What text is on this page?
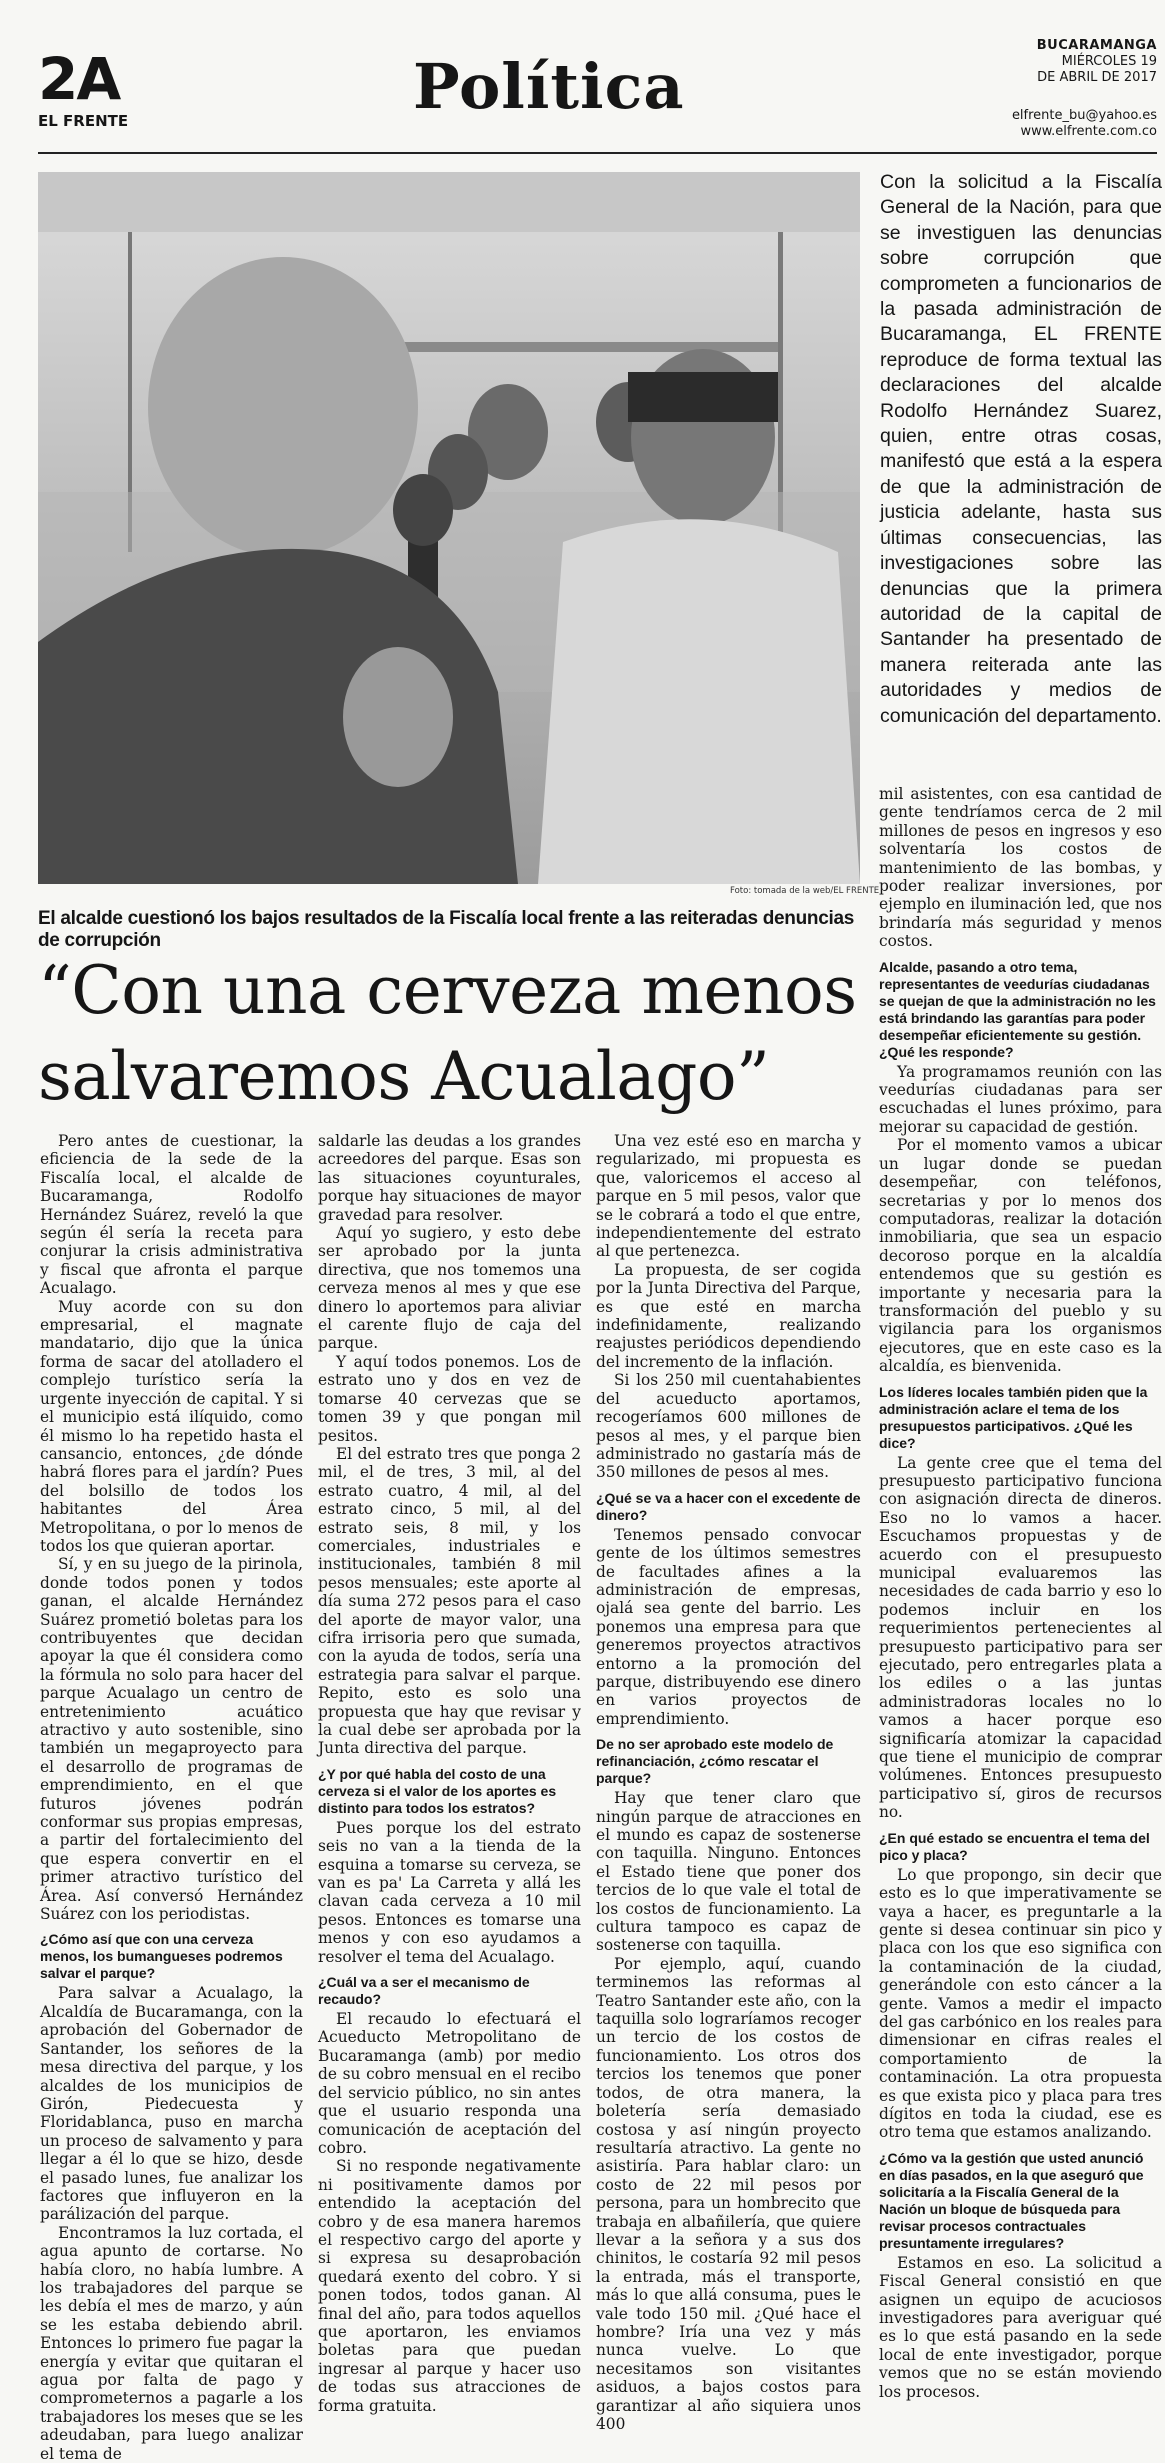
2A
EL FRENTE	Política
BUCARAMANGA
MIÉRCOLES 19
DE ABRIL DE 2017
elfrente_bu@yahoo.es
www.elfrente.com.co
Foto: tomada de la web/EL FRENTE
El alcalde cuestionó los bajos resultados de la Fiscalía local frente a las reiteradas denuncias de corrupción
“Con una cerveza menos salvaremos Acualago”
Con la solicitud a la Fiscalía General de la Nación, para que se investiguen las denuncias sobre corrupción que comprometen a funcionarios de la pasada administración de Bucaramanga, EL FRENTE reproduce de forma textual las declaraciones del alcalde Rodolfo Hernández Suarez, quien, entre otras cosas, manifestó que está a la espera de que la administración de justicia adelante, hasta sus últimas consecuencias, las investigaciones sobre las denuncias que la primera autoridad de la capital de Santander ha presentado de manera reiterada ante las autoridades y medios de comunicación del departamento.

Pero antes de cuestionar, la eficiencia de la sede de la Fiscalía local, el alcalde de Bucaramanga, Rodolfo Hernández Suárez, reveló la que según él sería la receta para conjurar la crisis administrativa y fiscal que afronta el parque Acualago.

Muy acorde con su don empresarial, el magnate mandatario, dijo que la única forma de sacar del atolladero el complejo turístico sería la urgente inyección de capital. Y si el municipio está ilíquido, como él mismo lo ha repetido hasta el cansancio, entonces, ¿de dónde habrá flores para el jardín? Pues del bolsillo de todos los habitantes del Área Metropolitana, o por lo menos de todos los que quieran aportar.

Sí, y en su juego de la pirinola, donde todos ponen y todos ganan, el alcalde Hernández Suárez prometió boletas para los contribuyentes que decidan apoyar la que él considera como la fórmula no solo para hacer del parque Acualago un centro de entretenimiento acuático atractivo y auto sostenible, sino también un megaproyecto para el desarrollo de programas de emprendimiento, en el que futuros jóvenes podrán conformar sus propias empresas, a partir del fortalecimiento del que espera convertir en el primer atractivo turístico del Área. Así conversó Hernández Suárez con los periodistas.

¿Cómo así que con una cerveza menos, los bumangueses podremos salvar el parque?

Para salvar a Acualago, la Alcaldía de Bucaramanga, con la aprobación del Gobernador de Santander, los señores de la mesa directiva del parque, y los alcaldes de los municipios de Girón, Piedecuesta y Floridablanca, puso en marcha un proceso de salvamento y para llegar a él lo que se hizo, desde el pasado lunes, fue analizar los factores que influyeron en la parálización del parque.

Encontramos la luz cortada, el agua apunto de cortarse. No había cloro, no había lumbre. A los trabajadores del parque se les debía el mes de marzo, y aún se les estaba debiendo abril. Entonces lo primero fue pagar la energía y evitar que quitaran el agua por falta de pago y comprometernos a pagarle a los trabajadores los meses que se les adeudaban, para luego analizar el tema de

saldarle las deudas a los grandes acreedores del parque. Esas son las situaciones coyunturales, porque hay situaciones de mayor gravedad para resolver.

Aquí yo sugiero, y esto debe ser aprobado por la junta directiva, que nos tomemos una cerveza menos al mes y que ese dinero lo aportemos para aliviar el carente flujo de caja del parque.

Y aquí todos ponemos. Los de estrato uno y dos en vez de tomarse 40 cervezas que se tomen 39 y que pongan mil pesitos.

El del estrato tres que ponga 2 mil, el de tres, 3 mil, al del estrato cuatro, 4 mil, al del estrato cinco, 5 mil, al del estrato seis, 8 mil, y los comerciales, industriales e institucionales, también 8 mil pesos mensuales; este aporte al día suma 272 pesos para el caso del aporte de mayor valor, una cifra irrisoria pero que sumada, con la ayuda de todos, sería una estrategia para salvar el parque. Repito, esto es solo una propuesta que hay que revisar y la cual debe ser aprobada por la Junta directiva del parque.

¿Y por qué habla del costo de una cerveza si el valor de los aportes es distinto para todos los estratos?

Pues porque los del estrato seis no van a la tienda de la esquina a tomarse su cerveza, se van es pa' La Carreta y allá les clavan cada cerveza a 10 mil pesos. Entonces es tomarse una menos y con eso ayudamos a resolver el tema del Acualago.

¿Cuál va a ser el mecanismo de recaudo?

El recaudo lo efectuará el Acueducto Metropolitano de Bucaramanga (amb) por medio de su cobro mensual en el recibo del servicio público, no sin antes que el usuario responda una comunicación de aceptación del cobro.

Si no responde negativamente ni positivamente damos por entendido la aceptación del cobro y de esa manera haremos el respectivo cargo del aporte y si expresa su desaprobación quedará exento del cobro. Y si ponen todos, todos ganan. Al final del año, para todos aquellos que aportaron, les enviamos boletas para que puedan ingresar al parque y hacer uso de todas sus atracciones de forma gratuita.

Una vez esté eso en marcha y regularizado, mi propuesta es que, valoricemos el acceso al parque en 5 mil pesos, valor que se le cobrará a todo el que entre, independientemente del estrato al que pertenezca.

La propuesta, de ser cogida por la Junta Directiva del Parque, es que esté en marcha indefinidamente, realizando reajustes periódicos dependiendo del incremento de la inflación.

Si los 250 mil cuentahabientes del acueducto aportamos, recogeríamos 600 millones de pesos al mes, y el parque bien administrado no gastaría más de 350 millones de pesos al mes.

¿Qué se va a hacer con el excedente de dinero?

Tenemos pensado convocar gente de los últimos semestres de facultades afines a la administración de empresas, ojalá sea gente del barrio. Les ponemos una empresa para que generemos proyectos atractivos entorno a la promoción del parque, distribuyendo ese dinero en varios proyectos de emprendimiento.

De no ser aprobado este modelo de refinanciación, ¿cómo rescatar el parque?

Hay que tener claro que ningún parque de atracciones en el mundo es capaz de sostenerse con taquilla. Ninguno. Entonces el Estado tiene que poner dos tercios de lo que vale el total de los costos de funcionamiento. La cultura tampoco es capaz de sostenerse con taquilla.

Por ejemplo, aquí, cuando terminemos las reformas al Teatro Santander este año, con la taquilla solo lograríamos recoger un tercio de los costos de funcionamiento. Los otros dos tercios los tenemos que poner todos, de otra manera, la boletería sería demasiado costosa y así ningún proyecto resultaría atractivo. La gente no asistiría. Para hablar claro: un costo de 22 mil pesos por persona, para un hombrecito que trabaja en albañilería, que quiere llevar a la señora y a sus dos chinitos, le costaría 92 mil pesos la entrada, más el transporte, más lo que allá consuma, pues le vale todo 150 mil. ¿Qué hace el hombre? Iría una vez y más nunca vuelve. Lo que necesitamos son visitantes asiduos, a bajos costos para garantizar al año siquiera unos 400

mil asistentes, con esa cantidad de gente tendríamos cerca de 2 mil millones de pesos en ingresos y eso solventaría los costos de mantenimiento de las bombas, y poder realizar inversiones, por ejemplo en iluminación led, que nos brindaría más seguridad y menos costos.

Alcalde, pasando a otro tema, representantes de veedurías ciudadanas se quejan de que la administración no les está brindando las garantías para poder desempeñar eficientemente su gestión. ¿Qué les responde?

Ya programamos reunión con las veedurías ciudadanas para ser escuchadas el lunes próximo, para mejorar su capacidad de gestión.

Por el momento vamos a ubicar un lugar donde se puedan desempeñar, con teléfonos, secretarias y por lo menos dos computadoras, realizar la dotación inmobiliaria, que sea un espacio decoroso porque en la alcaldía entendemos que su gestión es importante y necesaria para la transformación del pueblo y su vigilancia para los organismos ejecutores, que en este caso es la alcaldía, es bienvenida.

Los líderes locales también piden que la administración aclare el tema de los presupuestos participativos. ¿Qué les dice?

La gente cree que el tema del presupuesto participativo funciona con asignación directa de dineros. Eso no lo vamos a hacer. Escuchamos propuestas y de acuerdo con el presupuesto municipal evaluaremos las necesidades de cada barrio y eso lo podemos incluir en los requerimientos pertenecientes al presupuesto participativo para ser ejecutado, pero entregarles plata a los ediles o a las juntas administradoras locales no lo vamos a hacer porque eso significaría atomizar la capacidad que tiene el municipio de comprar volúmenes. Entonces presupuesto participativo sí, giros de recursos no.

¿En qué estado se encuentra el tema del pico y placa?

Lo que propongo, sin decir que esto es lo que imperativamente se vaya a hacer, es preguntarle a la gente si desea continuar sin pico y placa con los que eso significa con la contaminación de la ciudad, generándole con esto cáncer a la gente. Vamos a medir el impacto del gas carbónico en los reales para dimensionar en cifras reales el comportamiento de la contaminación. La otra propuesta es que exista pico y placa para tres dígitos en toda la ciudad, ese es otro tema que estamos analizando.

¿Cómo va la gestión que usted anunció en días pasados, en la que aseguró que solicitaría a la Fiscalía General de la Nación un bloque de búsqueda para revisar procesos contractuales presuntamente irregulares?

Estamos en eso. La solicitud a Fiscal General consistió en que asignen un equipo de acuciosos investigadores para averiguar qué es lo que está pasando en la sede local de ente investigador, porque vemos que no se están moviendo los procesos.
